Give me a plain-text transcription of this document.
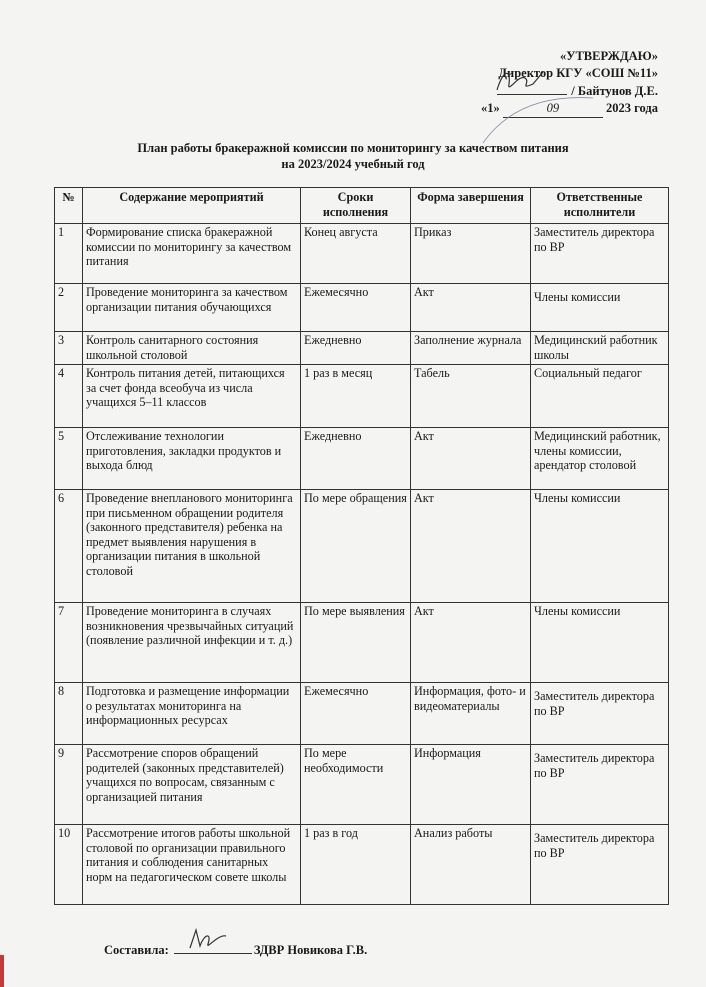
«УТВЕРЖДАЮ»
Директор КГУ «СОШ №11»
/ Байтунов Д.Е.
«1»	09	2023 года
План работы бракеражной комиссии по мониторингу за качеством питания
на 2023/2024 учебный год
№	Содержание мероприятий	Сроки исполнения	Форма завершения	Ответственные исполнители
1	Формирование списка бракеражной комиссии по мониторингу за качеством питания	Конец августа	Приказ	Заместитель директора по ВР
2	Проведение мониторинга за качеством организации питания обучающихся	Ежемесячно	Акт	Члены комиссии
3	Контроль санитарного состояния школьной столовой	Ежедневно	Заполнение журнала	Медицинский работник школы
4	Контроль питания детей, питающихся за счет фонда всеобуча из числа учащихся 5–11 классов	1 раз в месяц	Табель	Социальный педагог
5	Отслеживание технологии приготовления, закладки продуктов и выхода блюд	Ежедневно	Акт	Медицинский работник, члены комиссии, арендатор столовой
6	Проведение внепланового мониторинга при письменном обращении родителя (законного представителя) ребенка на предмет выявления нарушения в организации питания в школьной столовой	По мере обращения	Акт	Члены комиссии
7	Проведение мониторинга в случаях возникновения чрезвычайных ситуаций (появление различной инфекции и т. д.)	По мере выявления	Акт	Члены комиссии
8	Подготовка и размещение информации о результатах мониторинга на информационных ресурсах	Ежемесячно	Информация, фото- и видеоматериалы	Заместитель директора по ВР
9	Рассмотрение споров обращений родителей (законных представителей) учащихся по вопросам, связанным с организацией питания	По мере необходимости	Информация	Заместитель директора по ВР
10	Рассмотрение итогов работы школьной столовой по организации правильного питания и соблюдения санитарных норм на педагогическом совете школы	1 раз в год	Анализ работы	Заместитель директора по ВР
Составила:	ЗДВР Новикова Г.В.
